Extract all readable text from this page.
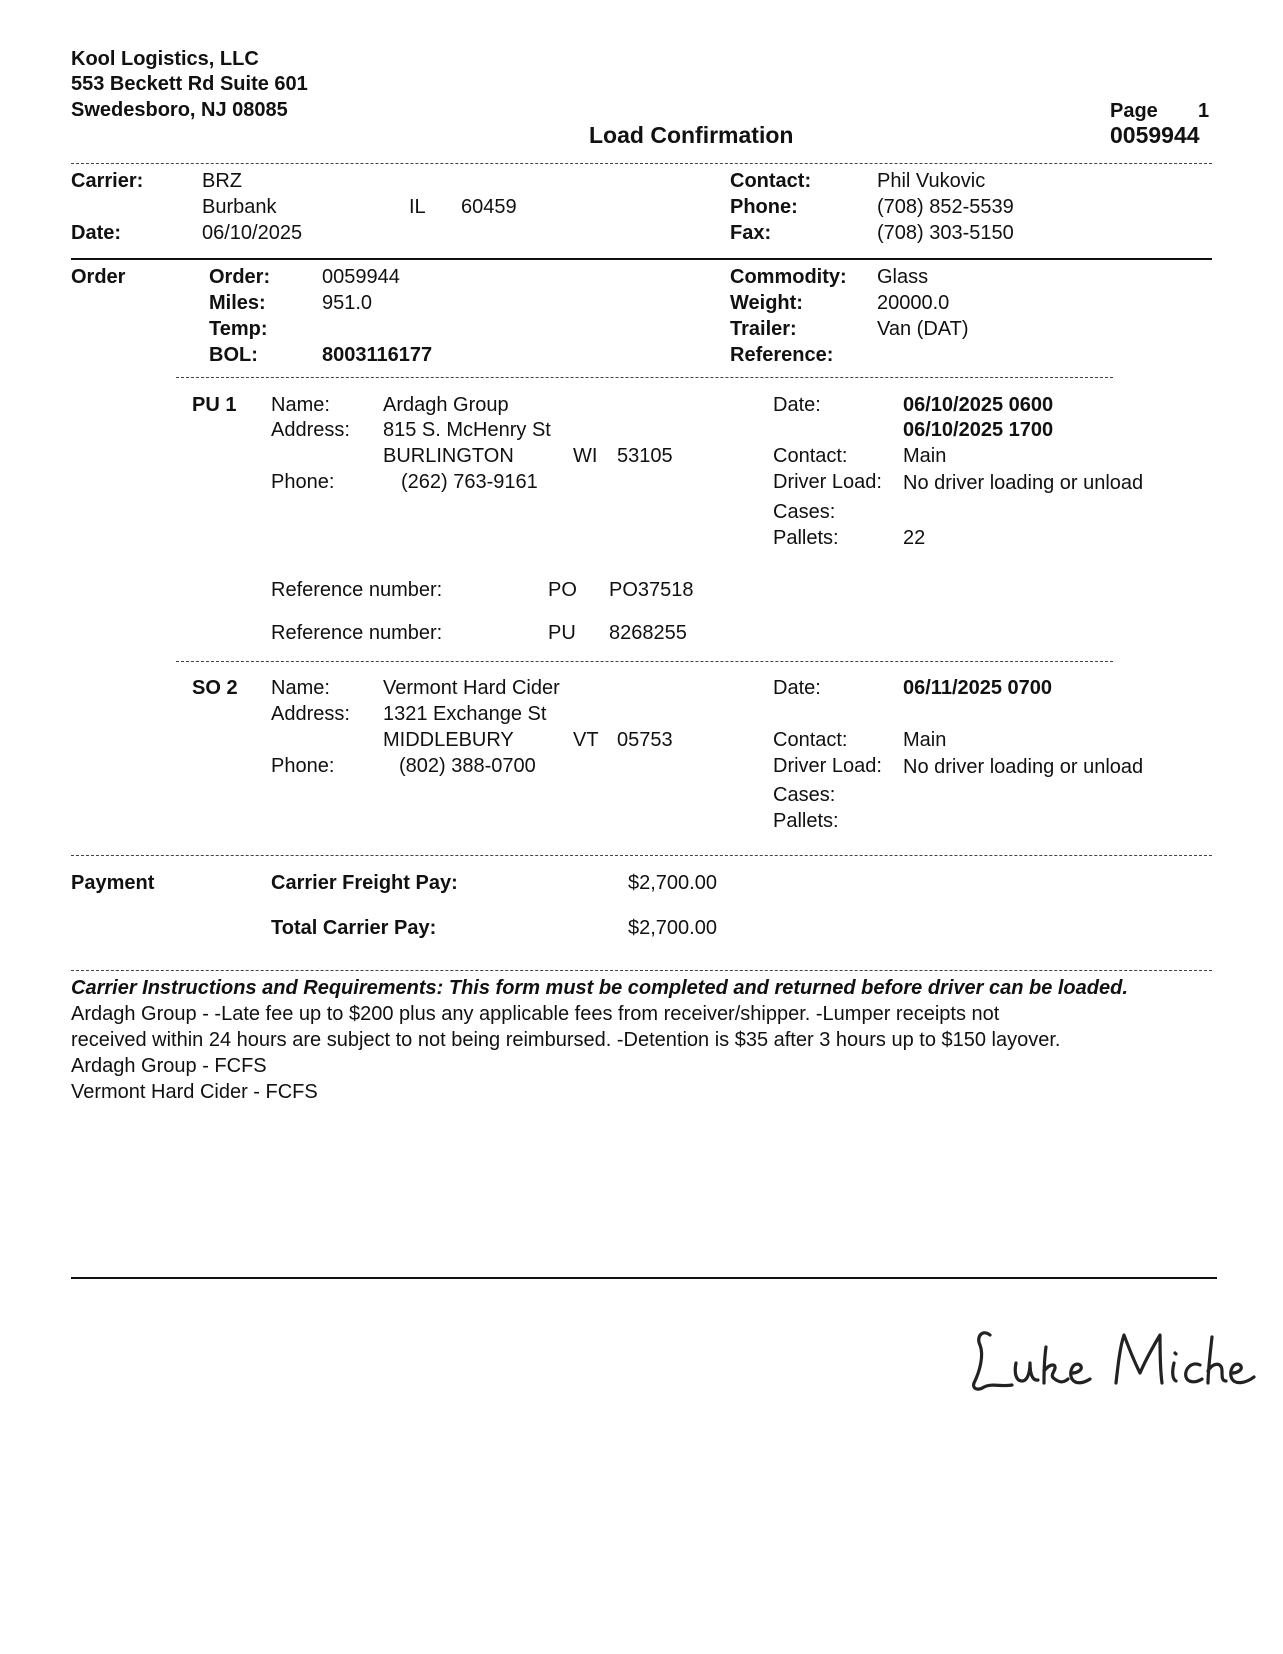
Kool Logistics, LLC
553 Beckett Rd Suite 601
Swedesboro, NJ 08085
Load Confirmation
Page 1
0059944
Carrier:	BRZ
Burbank	IL 60459
Date:	06/10/2025
Contact:	Phil Vukovic
Phone:	(708) 852-5539
Fax:	(708) 303-5150
Order	Order:	0059944
Miles:	951.0
Temp:
BOL:	8003116177
Commodity: Glass
Weight:	20000.0
Trailer:	Van (DAT)
Reference:
PU 1 Name:	Ardagh Group
Address: 815 S. McHenry St
BURLINGTON	WI 53105
Phone:	(262) 763-9161
Date:	06/10/2025 0600
06/10/2025 1700
Contact:	Main
Driver Load: No driver loading or unload
Cases:
Pallets:	22
Reference number:	PO PO37518
Reference number:	PU 8268255
SO 2 Name:	Vermont Hard Cider
Address: 1321 Exchange St
MIDDLEBURY	VT 05753
Phone:	(802) 388-0700
Date:	06/11/2025 0700
Contact:	Main
Driver Load: No driver loading or unload
Cases:
Pallets:
Payment	Carrier Freight Pay:	$2,700.00
Total Carrier Pay:	$2,700.00
Carrier Instructions and Requirements: This form must be completed and returned before driver can be loaded.
Ardagh Group - -Late fee up to $200 plus any applicable fees from receiver/shipper. -Lumper receipts not
received within 24 hours are subject to not being reimbursed. -Detention is $35 after 3 hours up to $150 layover.
Ardagh Group - FCFS
Vermont Hard Cider - FCFS
